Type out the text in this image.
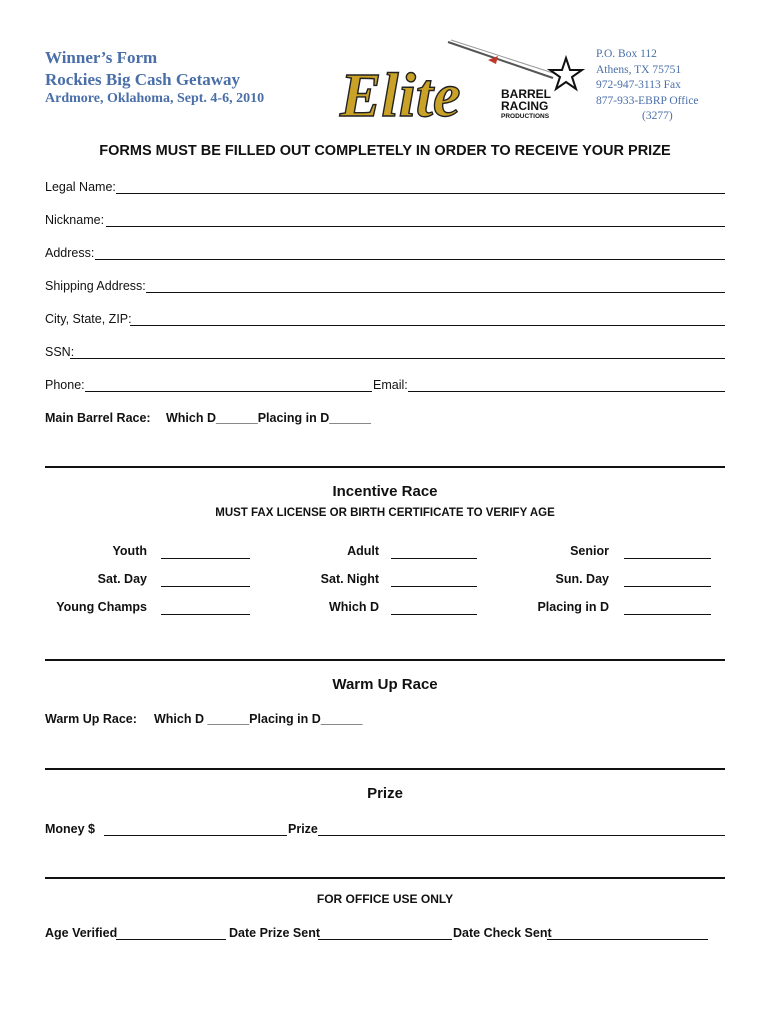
Winner’s Form
Rockies Big Cash Getaway
Ardmore, Oklahoma, Sept. 4-6, 2010 Elite	BARREL
RACING
PRODUCTIONS
P.O. Box 112
Athens, TX 75751
972-947-3113 Fax
877-933-EBRP Office
(3277)
FORMS MUST BE FILLED OUT COMPLETELY IN ORDER TO RECEIVE YOUR PRIZE
Legal Name:
Nickname:
Address:
Shipping Address:
City, State, ZIP:
SSN:
Phone:	Email:
Main Barrel Race: Which D______Placing in D______
Incentive Race
MUST FAX LICENSE OR BIRTH CERTIFICATE TO VERIFY AGE
Youth	Adult	Senior
Sat. Day	Sat. Night	Sun. Day
Young Champs	Which D	Placing in D
Warm Up Race
Warm Up Race: Which D ______Placing in D______
Prize
Money $	Prize
FOR OFFICE USE ONLY
Age Verified	Date Prize Sent	Date Check Sent
